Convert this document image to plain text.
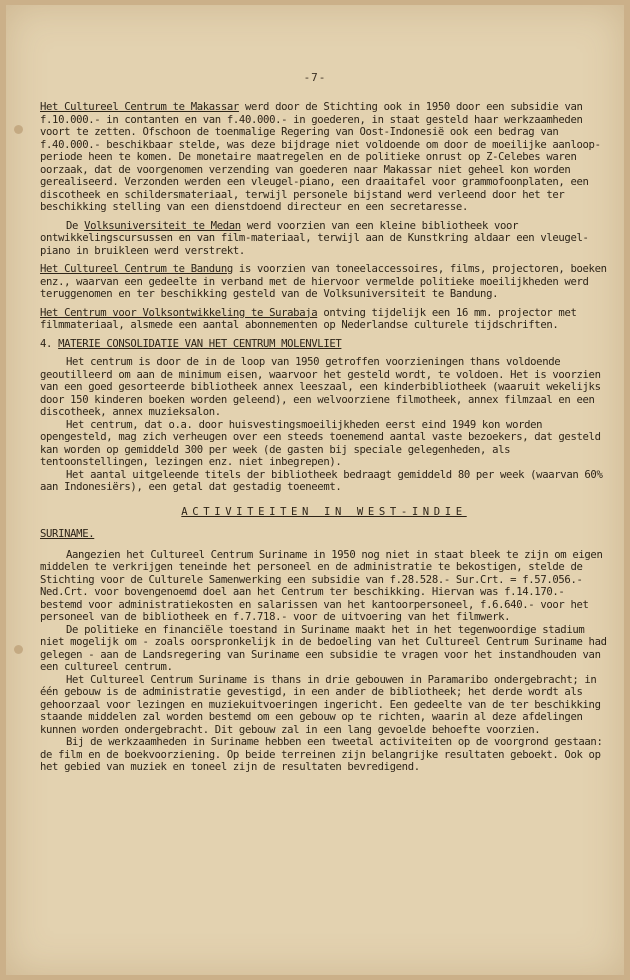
-7-

Het Cultureel Centrum te Makassar werd door de Stichting ook in 1950 door een subsidie van f.10.000.- in contanten en van f.40.000.- in goederen, in staat gesteld haar werkzaamheden voort te zetten. Ofschoon de toenmalige Regering van Oost-Indonesië ook een bedrag van f.40.000.- beschikbaar stelde, was deze bijdrage niet voldoende om door de moeilijke aanloop-periode heen te komen. De monetaire maatregelen en de politieke onrust op Z-Celebes waren oorzaak, dat de voorgenomen verzending van goederen naar Makassar niet geheel kon worden gerealiseerd. Verzonden werden een vleugel-piano, een draaitafel voor grammofoonplaten, een discotheek en schildersmateriaal, terwijl personele bijstand werd verleend door het ter beschikking stelling van een dienstdoend directeur en een secretaresse.

De Volksuniversiteit te Medan werd voorzien van een kleine bibliotheek voor ontwikkelingscursussen en van film-materiaal, terwijl aan de Kunstkring aldaar een vleugel-piano in bruikleen werd verstrekt.

Het Cultureel Centrum te Bandung is voorzien van toneelaccessoires, films, projectoren, boeken enz., waarvan een gedeelte in verband met de hiervoor vermelde politieke moeilijkheden werd teruggenomen en ter beschikking gesteld van de Volksuniversiteit te Bandung.

Het Centrum voor Volksontwikkeling te Surabaja ontving tijdelijk een 16 mm. projector met filmmateriaal, alsmede een aantal abonnementen op Nederlandse culturele tijdschriften.

4. MATERIE CONSOLIDATIE VAN HET CENTRUM MOLENVLIET

Het centrum is door de in de loop van 1950 getroffen voorzieningen thans voldoende geoutilleerd om aan de minimum eisen, waarvoor het gesteld wordt, te voldoen. Het is voorzien van een goed gesorteerde bibliotheek annex leeszaal, een kinderbibliotheek (waaruit wekelijks door 150 kinderen boeken worden geleend), een welvoorziene filmotheek, annex filmzaal en een discotheek, annex muzieksalon.

Het centrum, dat o.a. door huisvestingsmoeilijkheden eerst eind 1949 kon worden opengesteld, mag zich verheugen over een steeds toenemend aantal vaste bezoekers, dat gesteld kan worden op gemiddeld 300 per week (de gasten bij speciale gelegenheden, als tentoonstellingen, lezingen enz. niet inbegrepen).

Het aantal uitgeleende titels der bibliotheek bedraagt gemiddeld 80 per week (waarvan 60% aan Indonesiërs), een getal dat gestadig toeneemt.

ACTIVITEITEN IN WEST-INDIE

SURINAME.

Aangezien het Cultureel Centrum Suriname in 1950 nog niet in staat bleek te zijn om eigen middelen te verkrijgen teneinde het personeel en de administratie te bekostigen, stelde de Stichting voor de Culturele Samenwerking een subsidie van f.28.528.- Sur.Crt. = f.57.056.- Ned.Crt. voor bovengenoemd doel aan het Centrum ter beschikking. Hiervan was f.14.170.- bestemd voor administratiekosten en salarissen van het kantoorpersoneel, f.6.640.- voor het personeel van de bibliotheek en f.7.718.- voor de uitvoering van het filmwerk.

De politieke en financiële toestand in Suriname maakt het in het tegenwoordige stadium niet mogelijk om - zoals oorspronkelijk in de bedoeling van het Cultureel Centrum Suriname had gelegen - aan de Landsregering van Suriname een subsidie te vragen voor het instandhouden van een cultureel centrum.

Het Cultureel Centrum Suriname is thans in drie gebouwen in Paramaribo ondergebracht; in één gebouw is de administratie gevestigd, in een ander de bibliotheek; het derde wordt als gehoorzaal voor lezingen en muziekuitvoeringen ingericht. Een gedeelte van de ter beschikking staande middelen zal worden bestemd om een gebouw op te richten, waarin al deze afdelingen kunnen worden ondergebracht. Dit gebouw zal in een lang gevoelde behoefte voorzien.

Bij de werkzaamheden in Suriname hebben een tweetal activiteiten op de voorgrond gestaan: de film en de boekvoorziening. Op beide terreinen zijn belangrijke resultaten geboekt. Ook op het gebied van muziek en toneel zijn de resultaten bevredigend.
